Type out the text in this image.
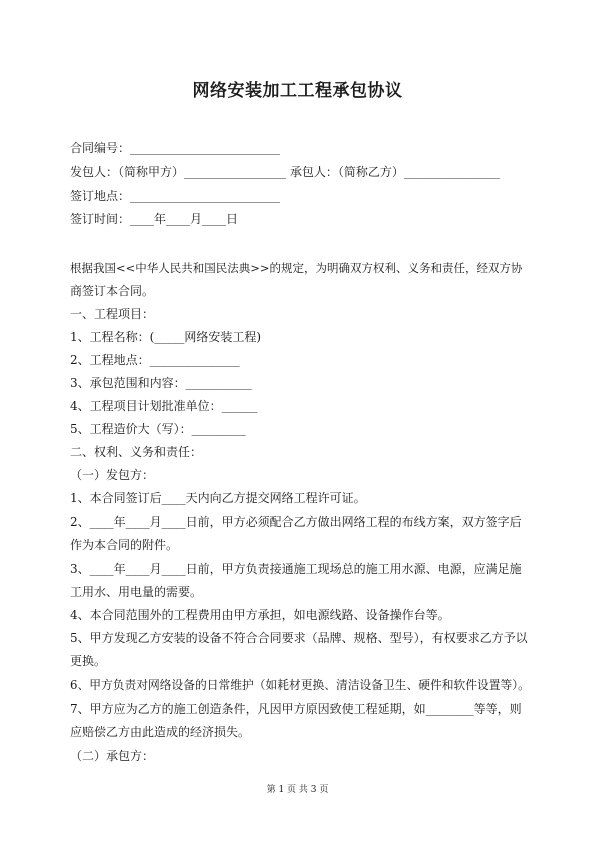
网络安装加工工程承包协议

合同编号：_________________________

发包人：（简称甲方）_________________ 承包人：（简称乙方）________________

签订地点：_________________________

签订时间：____年____月____日

根据我国<<中华人民共和国民法典>>的规定，为明确双方权利、义务和责任，经双方协

商签订本合同。

一、工程项目：

1、工程名称：(_____网络安装工程)

2、工程地点：_______________

3、承包范围和内容：___________

4、工程项目计划批准单位：______

5、工程造价大（写）：_________

二、权利、义务和责任：

（一）发包方：

1、本合同签订后____天内向乙方提交网络工程许可证。

2、____年____月____日前，甲方必须配合乙方做出网络工程的布线方案，双方签字后

作为本合同的附件。

3、____年____月____日前，甲方负责接通施工现场总的施工用水源、电源，应满足施

工用水、用电量的需要。

4、本合同范围外的工程费用由甲方承担，如电源线路、设备操作台等。

5、甲方发现乙方安装的设备不符合合同要求（品牌、规格、型号），有权要求乙方予以

更换。

6、甲方负责对网络设备的日常维护（如耗材更换、清洁设备卫生、硬件和软件设置等）。

7、甲方应为乙方的施工创造条件，凡因甲方原因致使工程延期，如________等等，则

应赔偿乙方由此造成的经济损失。

（二）承包方：

第 1 页 共 3 页
